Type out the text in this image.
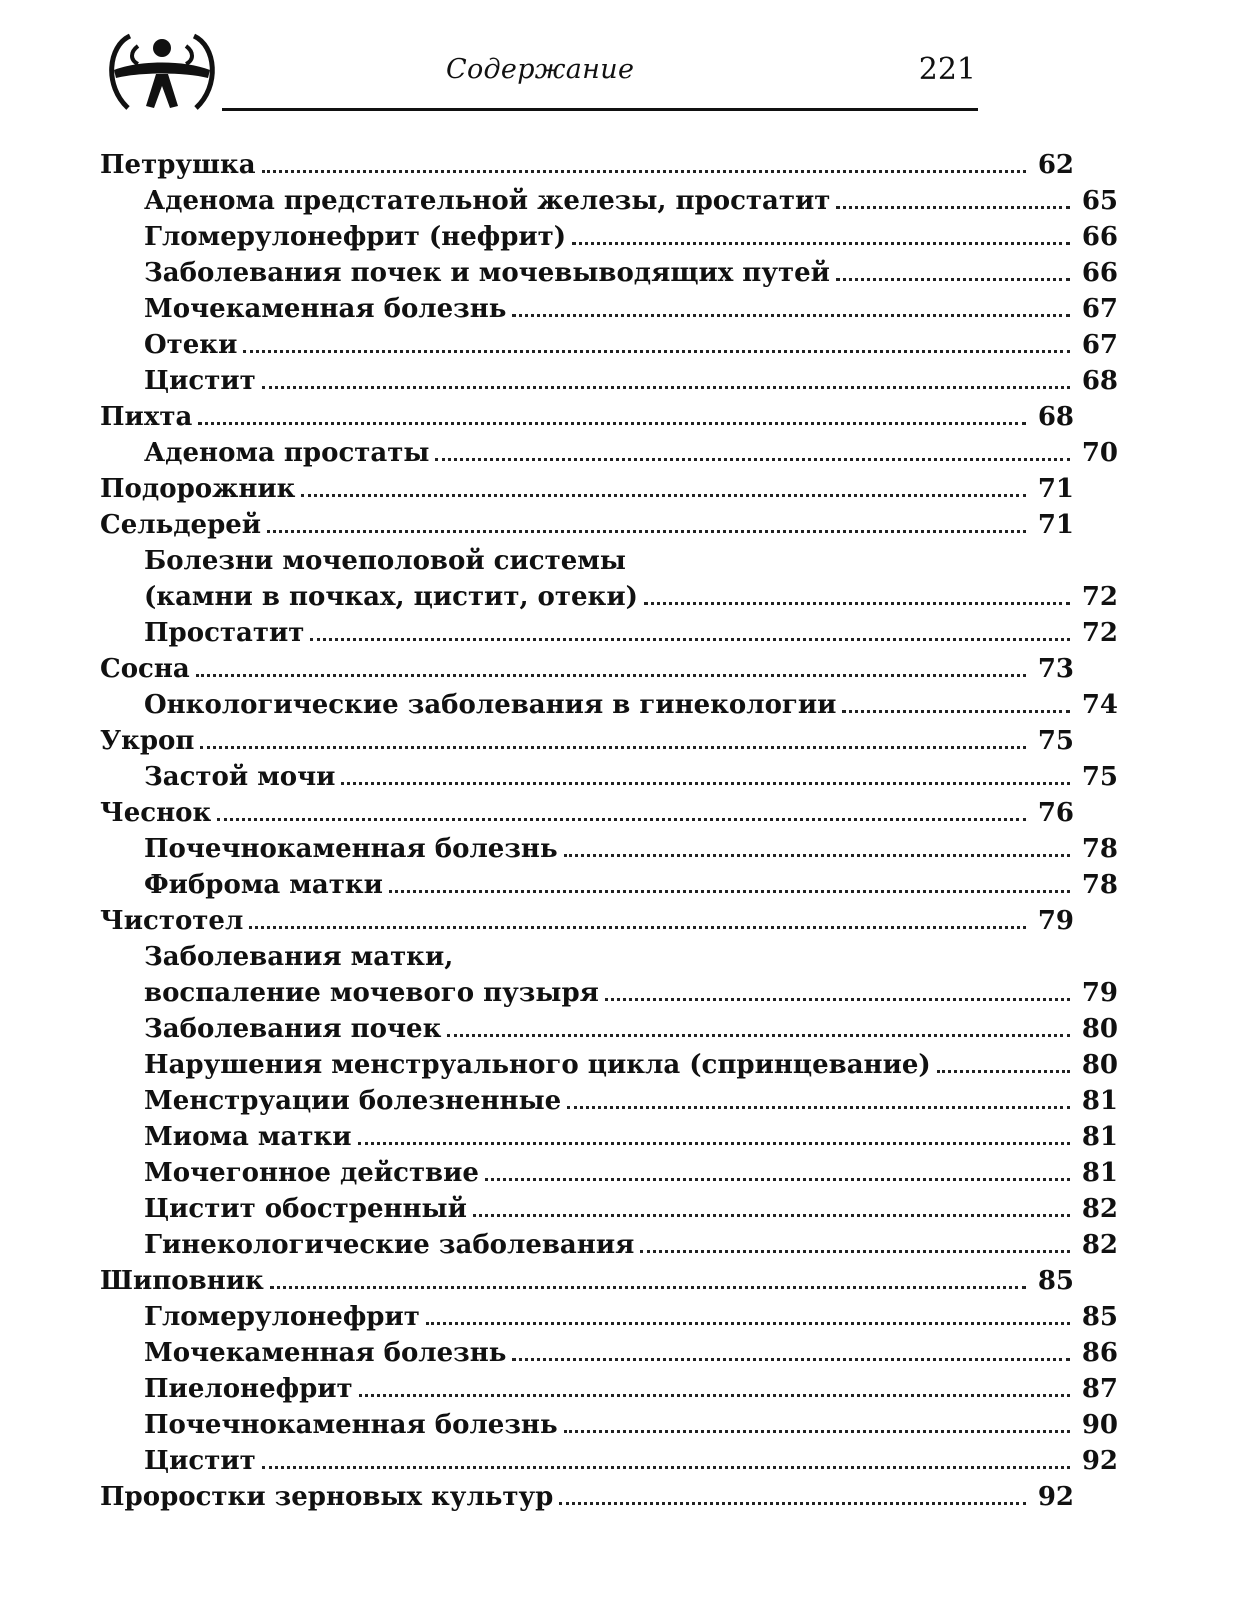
Содержание	221
Петрушка	62
Аденома предстательной железы, простатит	65
Гломерулонефрит (нефрит)	66
Заболевания почек и мочевыводящих путей	66
Мочекаменная болезнь	67
Отеки	67
Цистит	68
Пихта	68
Аденома простаты	70
Подорожник	71
Сельдерей	71
Болезни мочеполовой системы
(камни в почках, цистит, отеки)	72
Простатит	72
Сосна	73
Онкологические заболевания в гинекологии	74
Укроп	75
Застой мочи	75
Чеснок	76
Почечнокаменная болезнь	78
Фиброма матки	78
Чистотел	79
Заболевания матки,
воспаление мочевого пузыря	79
Заболевания почек	80
Нарушения менструального цикла (спринцевание)	80
Менструации болезненные	81
Миома матки	81
Мочегонное действие	81
Цистит обостренный	82
Гинекологические заболевания	82
Шиповник	85
Гломерулонефрит	85
Мочекаменная болезнь	86
Пиелонефрит	87
Почечнокаменная болезнь	90
Цистит	92
Проростки зерновых культур	92
